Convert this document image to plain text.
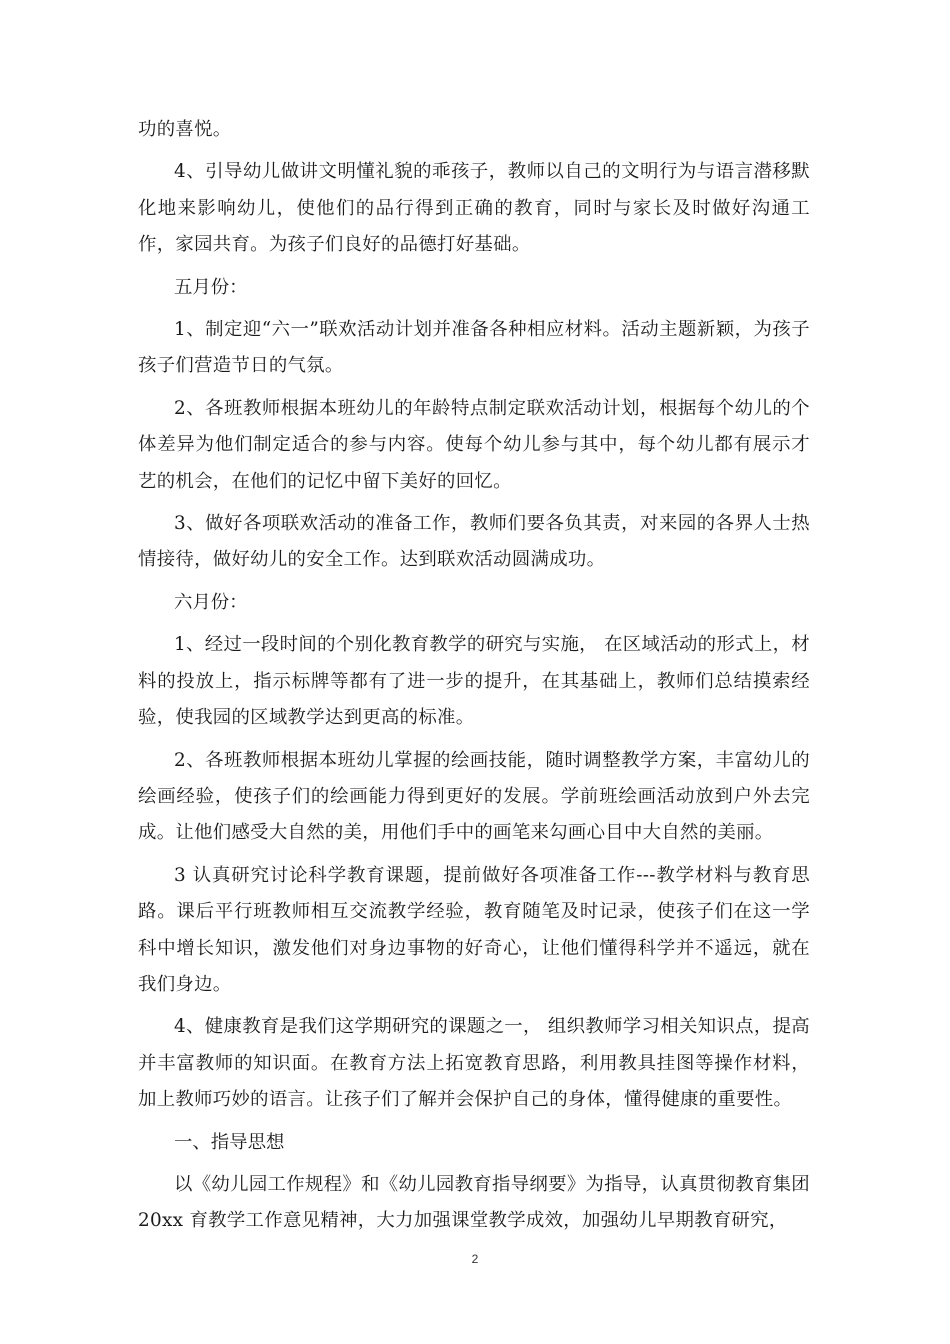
功的喜悦。

4、引导幼儿做讲文明懂礼貌的乖孩子，教师以自己的文明行为与语言潜移默化地来影响幼儿，使他们的品行得到正确的教育，同时与家长及时做好沟通工作，家园共育。为孩子们良好的品德打好基础。

五月份：

1、制定迎“六一”联欢活动计划并准备各种相应材料。活动主题新颖，为孩子孩子们营造节日的气氛。

2、各班教师根据本班幼儿的年龄特点制定联欢活动计划，根据每个幼儿的个体差异为他们制定适合的参与内容。使每个幼儿参与其中，每个幼儿都有展示才艺的机会，在他们的记忆中留下美好的回忆。

3、做好各项联欢活动的准备工作，教师们要各负其责，对来园的各界人士热情接待，做好幼儿的安全工作。达到联欢活动圆满成功。

六月份：

1、经过一段时间的个别化教育教学的研究与实施， 在区域活动的形式上，材料的投放上，指示标牌等都有了进一步的提升，在其基础上，教师们总结摸索经验，使我园的区域教学达到更高的标准。

2、各班教师根据本班幼儿掌握的绘画技能，随时调整教学方案，丰富幼儿的绘画经验，使孩子们的绘画能力得到更好的发展。学前班绘画活动放到户外去完成。让他们感受大自然的美，用他们手中的画笔来勾画心目中大自然的美丽。

3 认真研究讨论科学教育课题，提前做好各项准备工作---教学材料与教育思路。课后平行班教师相互交流教学经验，教育随笔及时记录，使孩子们在这一学科中增长知识，激发他们对身边事物的好奇心，让他们懂得科学并不遥远，就在我们身边。

4、健康教育是我们这学期研究的课题之一， 组织教师学习相关知识点，提高并丰富教师的知识面。在教育方法上拓宽教育思路，利用教具挂图等操作材料，加上教师巧妙的语言。让孩子们了解并会保护自己的身体，懂得健康的重要性。

一、指导思想

以《幼儿园工作规程》和《幼儿园教育指导纲要》为指导，认真贯彻教育集团 20xx 育教学工作意见精神，大力加强课堂教学成效，加强幼儿早期教育研究，

2
